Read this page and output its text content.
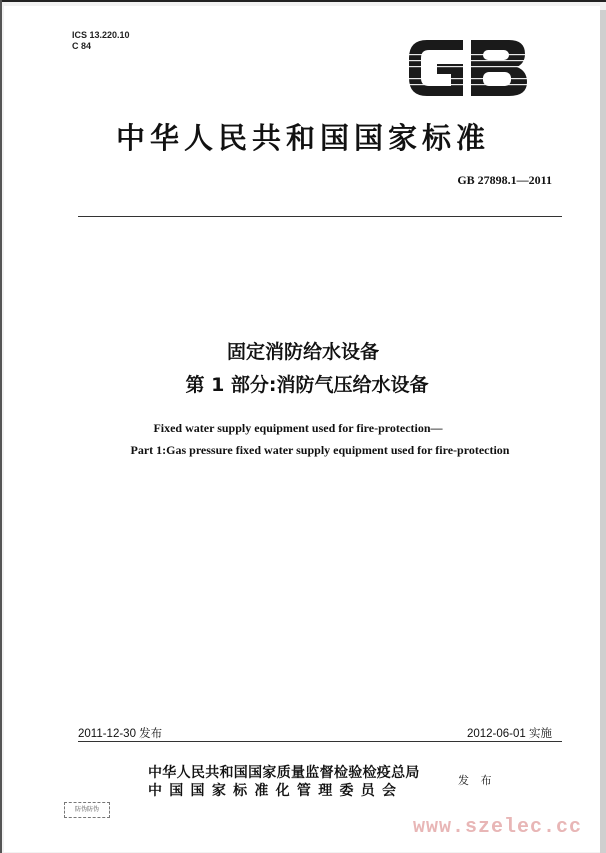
ICS 13.220.10
C 84
中华人民共和国国家标准
GB 27898.1—2011
固定消防给水设备
第 1 部分:消防气压给水设备
Fixed water supply equipment used for fire-protection—
Part 1:Gas pressure fixed water supply equipment used for fire-protection
2011-12-30 发布	2012-06-01 实施
中华人民共和国国家质量监督检验检疫总局
中 国 国 家 标 准 化 管 理 委 员 会
发 布
防伪防伪
www.szelec.cc
